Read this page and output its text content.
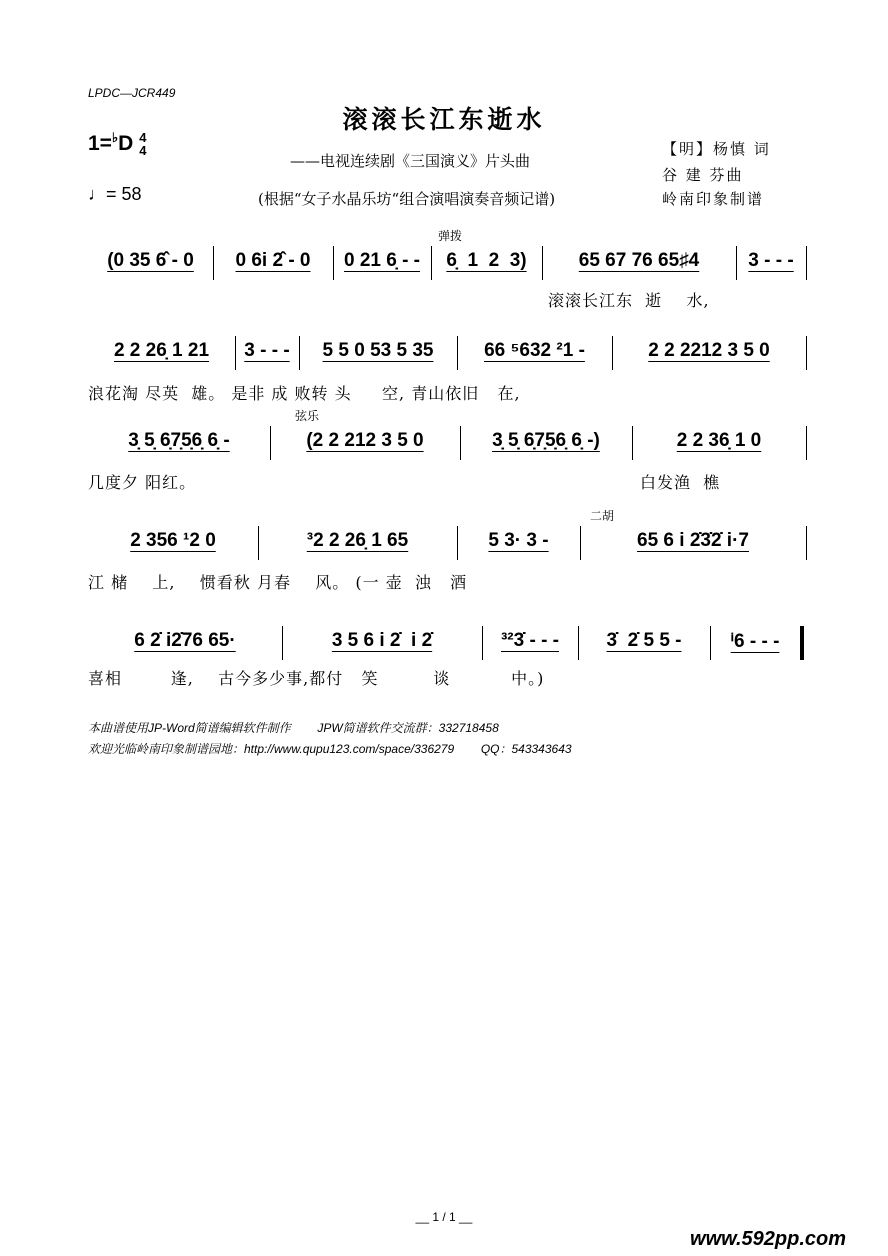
LPDC—JCR449
滚滚长江东逝水
1=♭D 4
4
♩= 58
——电视连续剧《三国演义》片头曲
(根据“女子水晶乐坊“组合演唱演奏音频记谱)
【明】杨慎 词
谷 建 芬曲
岭南印象制谱
(0 35 6̂ - 0	0 6i 2̂ - 0	0 21 6̣ - -	6̣  1  2  3)	65 67 76 65♯4	3 - - -
滚滚长江东  逝    水,
弹拨
2 2 26̣ 1 21	3 - - -	5 5 0 53 5 35	66 ⁵632 ²1 -	2 2 2212 3 5 0
浪花淘 尽英  雄。 是非 成 败转 头     空, 青山依旧   在,
3̣ 5̣ 6̣7̣5̣6̣ 6̣ -	(2 2 212 3 5 0	3̣ 5̣ 6̣7̣5̣6̣ 6̣ -)	2 2 36̣ 1 0
几度夕 阳红。	白发渔  樵
弦乐
2 356 ¹2 0	³2 2 26̣ 1 65	5 3· 3 -	65 6 i 2̇3̇2̇ i·7
江 槠    上,    惯看秋 月春    风。 (一 壶  浊   酒
二胡
6 2̇ i2̇76 65·	3 5 6 i 2̇  i 2̇	³²3̇ - - -	3̇  2̇ 5 5 -	ⁱ6 - - -
喜相        逢,    古今多少事,都付   笑         谈          中。)
本曲谱使用JP-Word简谱编辑软件制作        JPW简谱软件交流群：332718458
欢迎光临岭南印象制谱园地：http://www.qupu123.com/space/336279        QQ：543343643
__ 1 / 1 __
www.592pp.com
